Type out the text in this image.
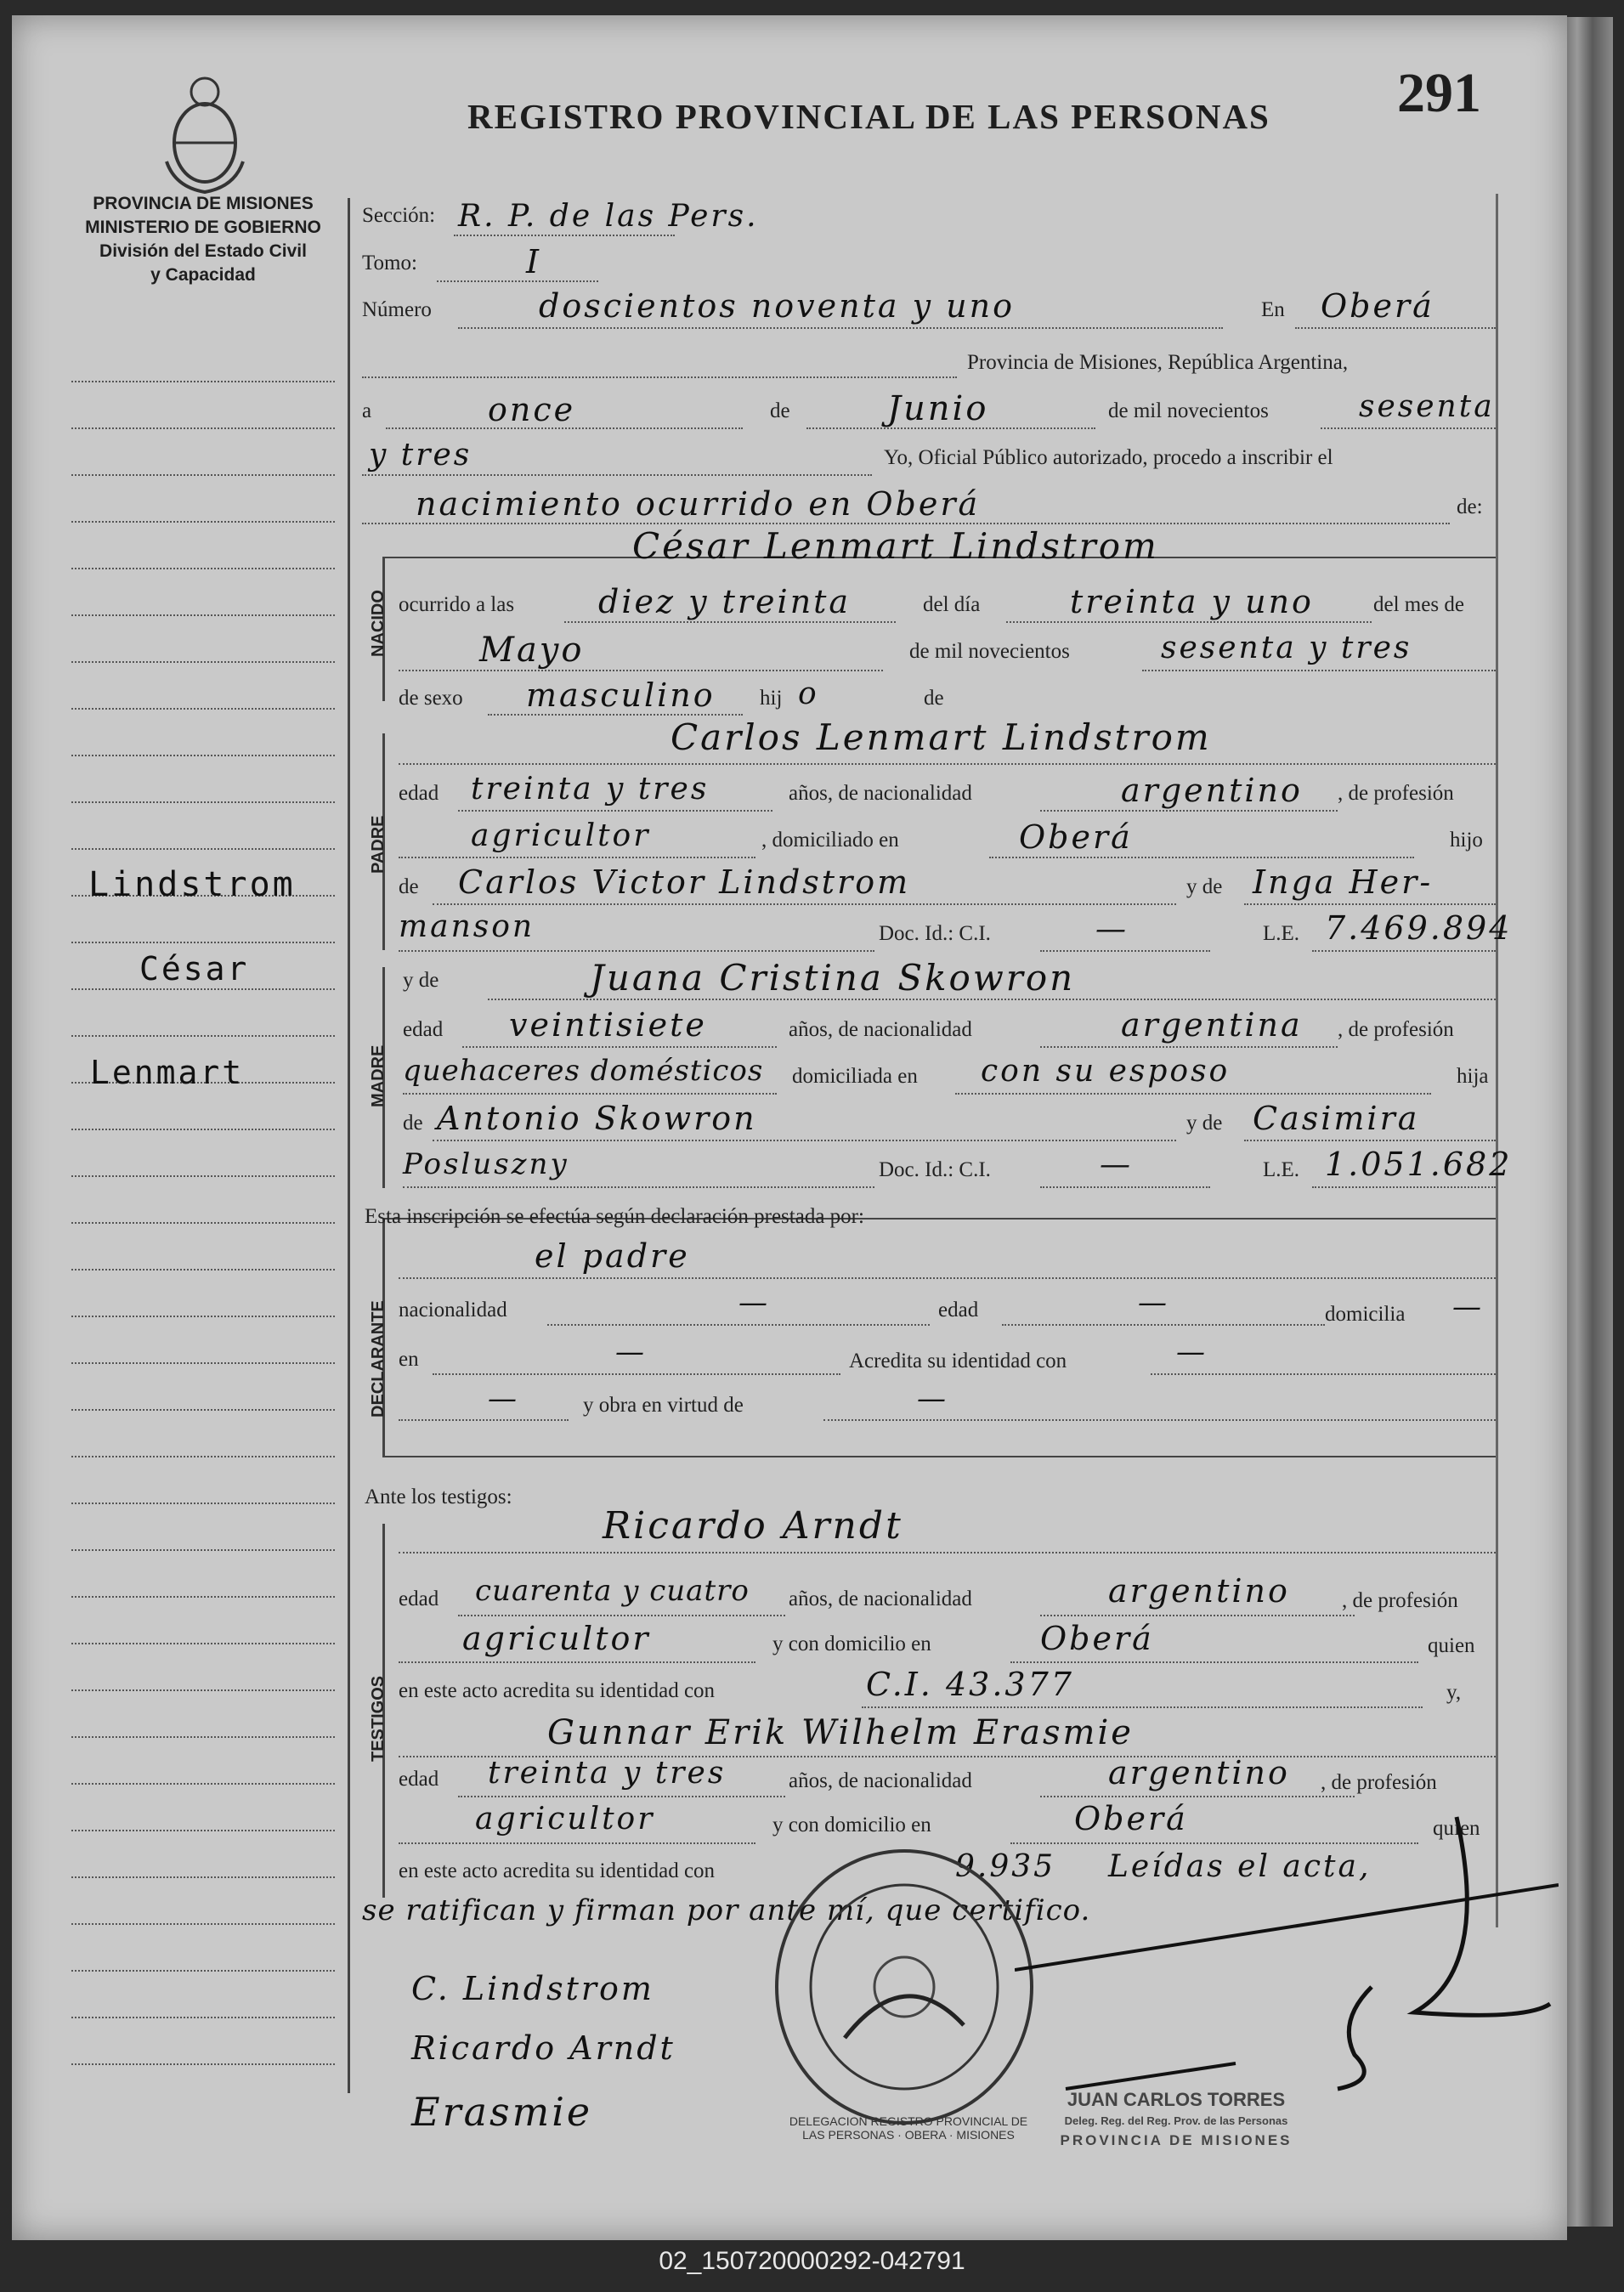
PROVINCIA DE MISIONES
MINISTERIO DE GOBIERNO
División del Estado Civil
y Capacidad
REGISTRO PROVINCIAL DE LAS PERSONAS 291
Lindstrom
César
Lenmart
NACIDO
PADRE
MADRE
DECLARANTE
TESTIGOS
Sección: R. P. de las Pers.
Tomo:	I
Número	doscientos noventa y uno	En Oberá
Provincia de Misiones, República Argentina,
a	once	de	Junio	de mil novecientos	sesenta
y tres	Yo, Oficial Público autorizado, procedo a inscribir el
nacimiento ocurrido en Oberá	de:
César Lenmart Lindstrom
ocurrido a las	diez y treinta	del día	treinta y uno	del mes de
Mayo	de mil novecientos	sesenta y tres
de sexo masculino hij o	de
Carlos Lenmart Lindstrom
edad treinta y tres	años, de nacionalidad	argentino , de profesión
agricultor	, domiciliado en	Oberá	hijo
de Carlos Victor Lindstrom	y de Inga Her-
manson	Doc. Id.: C.I.	—	L.E. 7.469.894
y de	Juana Cristina Skowron
edad veintisiete	años, de nacionalidad	argentina , de profesión
quehaceres domésticos domiciliada en con su esposo	hija
de Antonio Skowron	y de Casimira
Posluszny	Doc. Id.: C.I.	—	L.E. 1.051.682
Esta inscripción se efectúa según declaración prestada por:
el padre
nacionalidad	—	edad	—	domicilia —
en	—	Acredita su identidad con	—
—	y obra en virtud de	—
Ante los testigos:
Ricardo Arndt
edad cuarenta y cuatro años, de nacionalidad	argentino , de profesión
agricultor	y con domicilio en	Oberá	quien
en este acto acredita su identidad con	C.I. 43.377	y,
Gunnar Erik Wilhelm Erasmie
edad treinta y tres	años, de nacionalidad	argentino , de profesión
agricultor	y con domicilio en	Oberá	quien
en este acto acredita su identidad con	9.935 Leídas el acta,
se ratifican y firman por ante mí, que certifico.
C. Lindstrom
Ricardo Arndt
Erasmie	DELEGACION REGISTRO PROVINCIAL DE LAS PERSONAS · OBERA · MISIONES
JUAN CARLOS TORRES
Deleg. Reg. del Reg. Prov. de las Personas
PROVINCIA DE MISIONES
02_150720000292-042791
